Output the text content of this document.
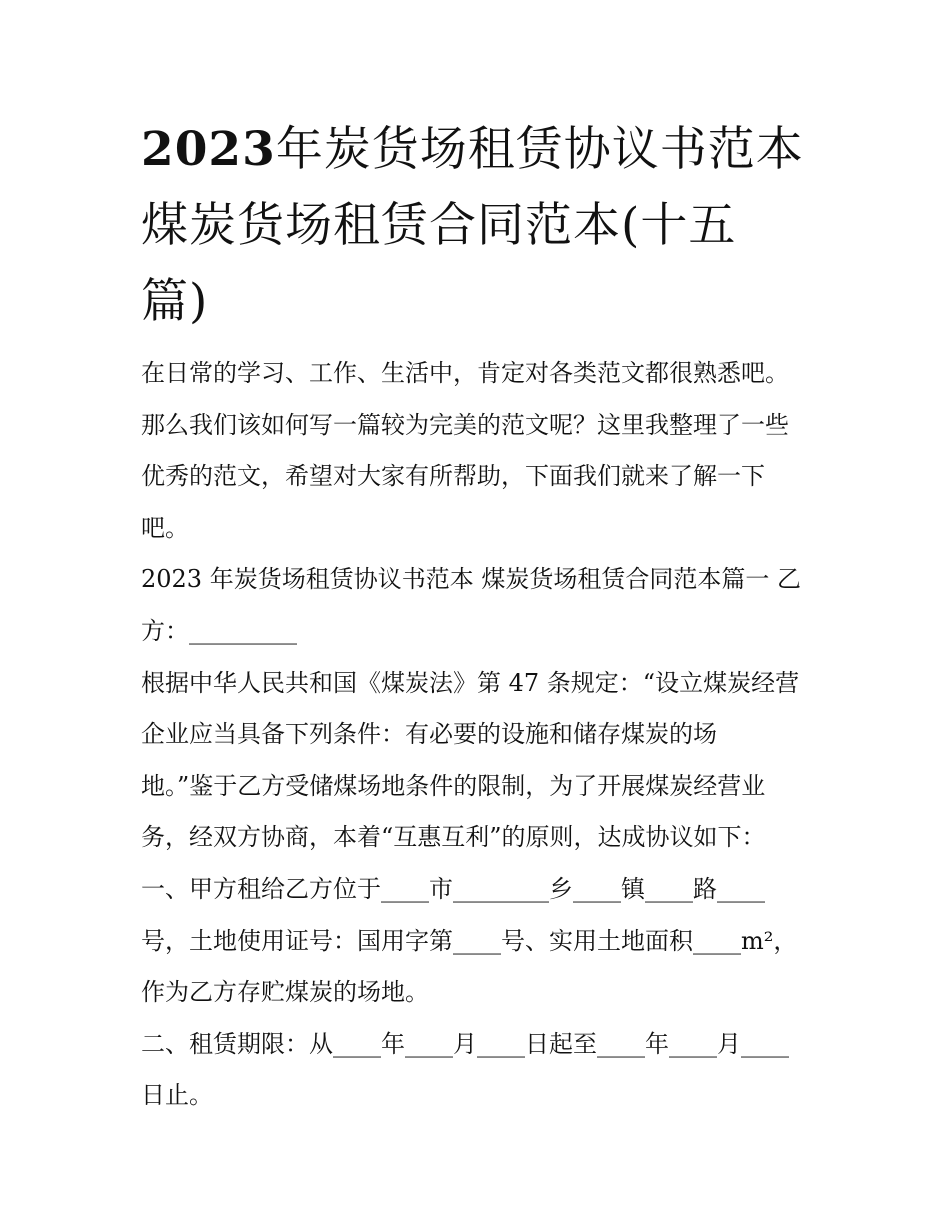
2023年炭货场租赁协议书范本
煤炭货场租赁合同范本(十五
篇)

在日常的学习、工作、生活中，肯定对各类范文都很熟悉吧。
那么我们该如何写一篇较为完美的范文呢？这里我整理了一些
优秀的范文，希望对大家有所帮助，下面我们就来了解一下
吧。

2023 年炭货场租赁协议书范本 煤炭货场租赁合同范本篇一 乙
方：_________

根据中华人民共和国《煤炭法》第 47 条规定：“设立煤炭经营
企业应当具备下列条件：有必要的设施和储存煤炭的场
地。”鉴于乙方受储煤场地条件的限制，为了开展煤炭经营业
务，经双方协商，本着“互惠互利”的原则，达成协议如下：

一、甲方租给乙方位于____市________乡____镇____路____
号，土地使用证号：国用字第____号、实用土地面积____m²，
作为乙方存贮煤炭的场地。

二、租赁期限：从____年____月____日起至____年____月____
日止。
